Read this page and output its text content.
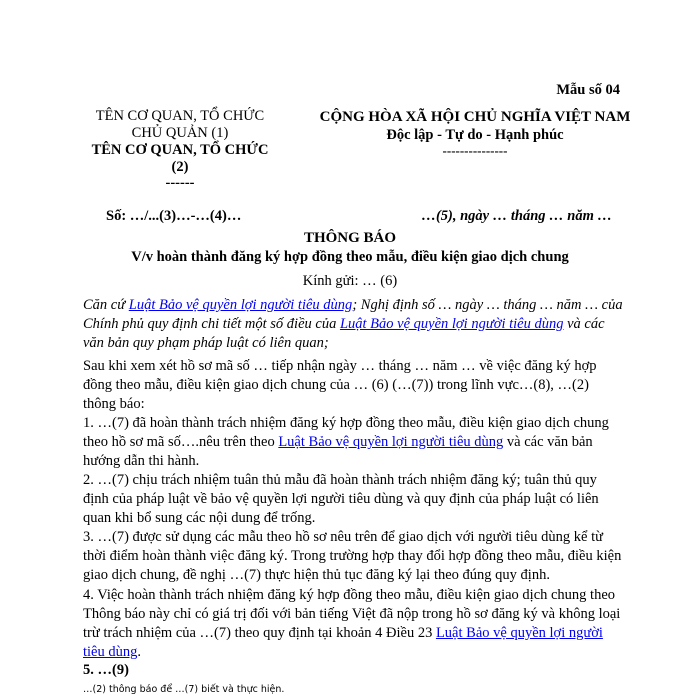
Mẫu số 04
TÊN CƠ QUAN, TỔ CHỨC
CHỦ QUẢN (1)
TÊN CƠ QUAN, TỔ CHỨC
(2)
------
CỘNG HÒA XÃ HỘI CHỦ NGHĨA VIỆT NAM
Độc lập - Tự do - Hạnh phúc
---------------
Số: …/...(3)…-…(4)…	…(5), ngày … tháng … năm …
THÔNG BÁO
V/v hoàn thành đăng ký hợp đồng theo mẫu, điều kiện giao dịch chung
Kính gửi: … (6)
Căn cứ Luật Bảo vệ quyền lợi người tiêu dùng; Nghị định số … ngày … tháng … năm … của Chính phủ quy định chi tiết một số điều của Luật Bảo vệ quyền lợi người tiêu dùng và các văn bản quy phạm pháp luật có liên quan;
Sau khi xem xét hồ sơ mã số … tiếp nhận ngày … tháng … năm … về việc đăng ký hợp đồng theo mẫu, điều kiện giao dịch chung của … (6) (…(7)) trong lĩnh vực…(8), …(2) thông báo:
1. …(7) đã hoàn thành trách nhiệm đăng ký hợp đồng theo mẫu, điều kiện giao dịch chung theo hồ sơ mã số….nêu trên theo Luật Bảo vệ quyền lợi người tiêu dùng và các văn bản hướng dẫn thi hành.
2. …(7) chịu trách nhiệm tuân thủ mẫu đã hoàn thành trách nhiệm đăng ký; tuân thủ quy định của pháp luật về bảo vệ quyền lợi người tiêu dùng và quy định của pháp luật có liên quan khi bổ sung các nội dung để trống.
3. …(7) được sử dụng các mẫu theo hồ sơ nêu trên để giao dịch với người tiêu dùng kể từ thời điểm hoàn thành việc đăng ký. Trong trường hợp thay đổi hợp đồng theo mẫu, điều kiện giao dịch chung, đề nghị …(7) thực hiện thủ tục đăng ký lại theo đúng quy định.
4. Việc hoàn thành trách nhiệm đăng ký hợp đồng theo mẫu, điều kiện giao dịch chung theo Thông báo này chỉ có giá trị đối với bản tiếng Việt đã nộp trong hồ sơ đăng ký và không loại trừ trách nhiệm của …(7) theo quy định tại khoản 4 Điều 23 Luật Bảo vệ quyền lợi người tiêu dùng.
5. …(9)
…(2) thông báo để …(7) biết và thực hiện.
